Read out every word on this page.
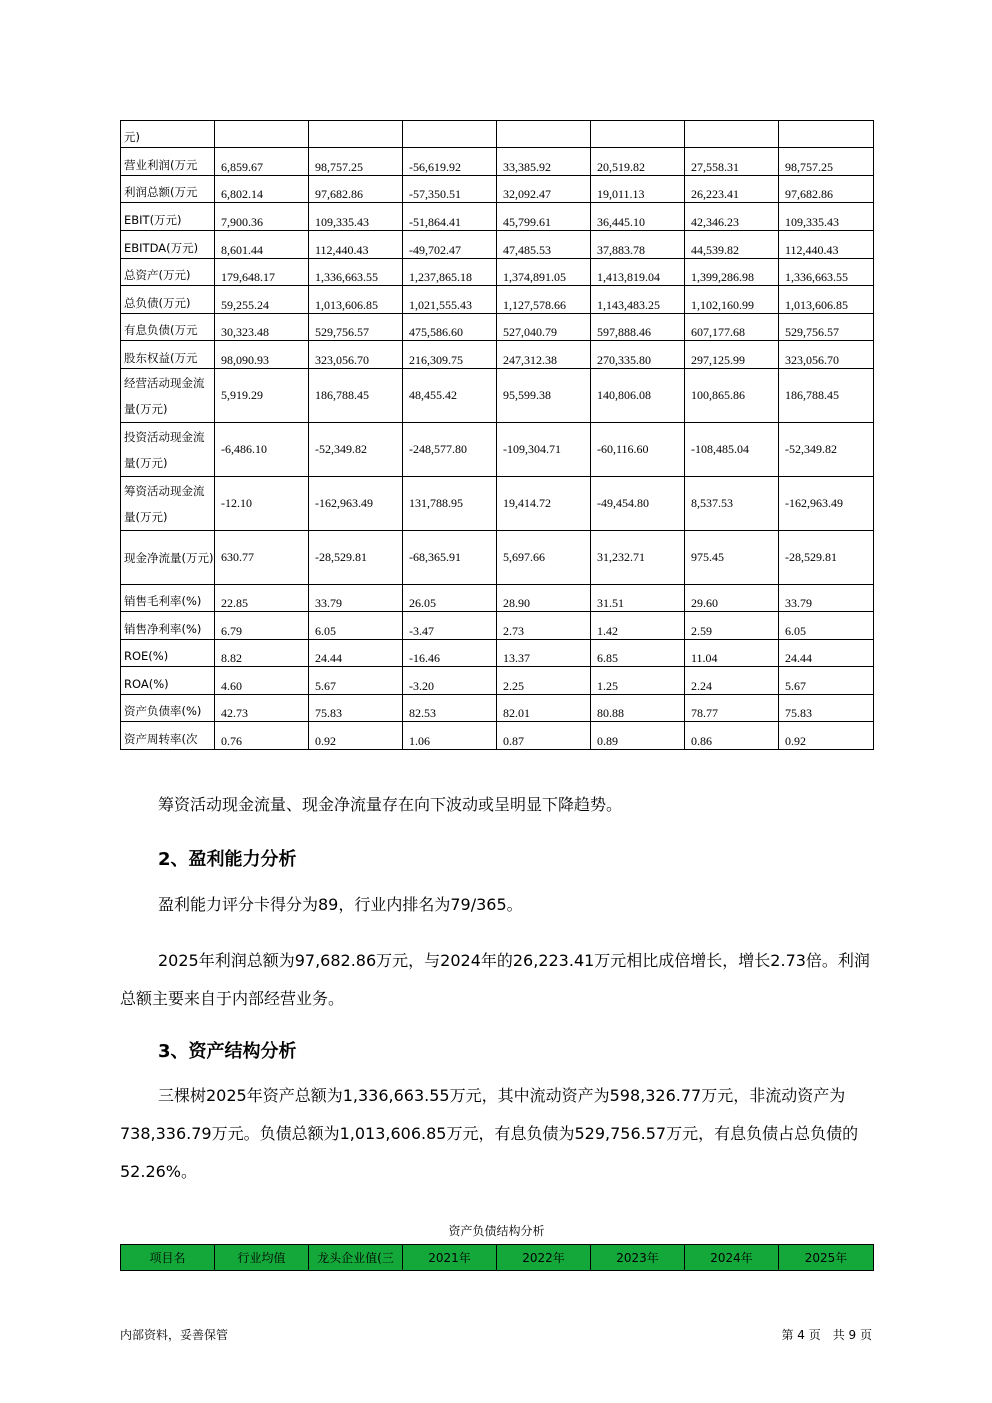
元)							
营业利润(万元	6,859.67	98,757.25	-56,619.92	33,385.92	20,519.82	27,558.31	98,757.25
利润总额(万元	6,802.14	97,682.86	-57,350.51	32,092.47	19,011.13	26,223.41	97,682.86
EBIT(万元)	7,900.36	109,335.43	-51,864.41	45,799.61	36,445.10	42,346.23	109,335.43
EBITDA(万元)	8,601.44	112,440.43	-49,702.47	47,485.53	37,883.78	44,539.82	112,440.43
总资产(万元)	179,648.17	1,336,663.55	1,237,865.18	1,374,891.05	1,413,819.04	1,399,286.98	1,336,663.55
总负债(万元)	59,255.24	1,013,606.85	1,021,555.43	1,127,578.66	1,143,483.25	1,102,160.99	1,013,606.85
有息负债(万元	30,323.48	529,756.57	475,586.60	527,040.79	597,888.46	607,177.68	529,756.57
股东权益(万元	98,090.93	323,056.70	216,309.75	247,312.38	270,335.80	297,125.99	323,056.70
经营活动现金流量(万元)	5,919.29	186,788.45	48,455.42	95,599.38	140,806.08	100,865.86	186,788.45
投资活动现金流量(万元)	-6,486.10	-52,349.82	-248,577.80	-109,304.71	-60,116.60	-108,485.04	-52,349.82
筹资活动现金流量(万元)	-12.10	-162,963.49	131,788.95	19,414.72	-49,454.80	8,537.53	-162,963.49
现金净流量(万元)	630.77	-28,529.81	-68,365.91	5,697.66	31,232.71	975.45	-28,529.81
销售毛利率(%)	22.85	33.79	26.05	28.90	31.51	29.60	33.79
销售净利率(%)	6.79	6.05	-3.47	2.73	1.42	2.59	6.05
ROE(%)	8.82	24.44	-16.46	13.37	6.85	11.04	24.44
ROA(%)	4.60	5.67	-3.20	2.25	1.25	2.24	5.67
资产负债率(%)	42.73	75.83	82.53	82.01	80.88	78.77	75.83
资产周转率(次	0.76	0.92	1.06	0.87	0.89	0.86	0.92

筹资活动现金流量、现金净流量存在向下波动或呈明显下降趋势。

2、盈利能力分析

盈利能力评分卡得分为89，行业内排名为79/365。

2025年利润总额为97,682.86万元，与2024年的26,223.41万元相比成倍增长，增长2.73倍。利润总额主要来自于内部经营业务。

3、资产结构分析

三棵树2025年资产总额为1,336,663.55万元，其中流动资产为598,326.77万元，非流动资产为738,336.79万元。负债总额为1,013,606.85万元，有息负债为529,756.57万元，有息负债占总负债的52.26%。

资产负债结构分析
项目名	行业均值	龙头企业值(三	2021年	2022年	2023年	2024年	2025年
内部资料，妥善保管	第 4 页　共 9 页
